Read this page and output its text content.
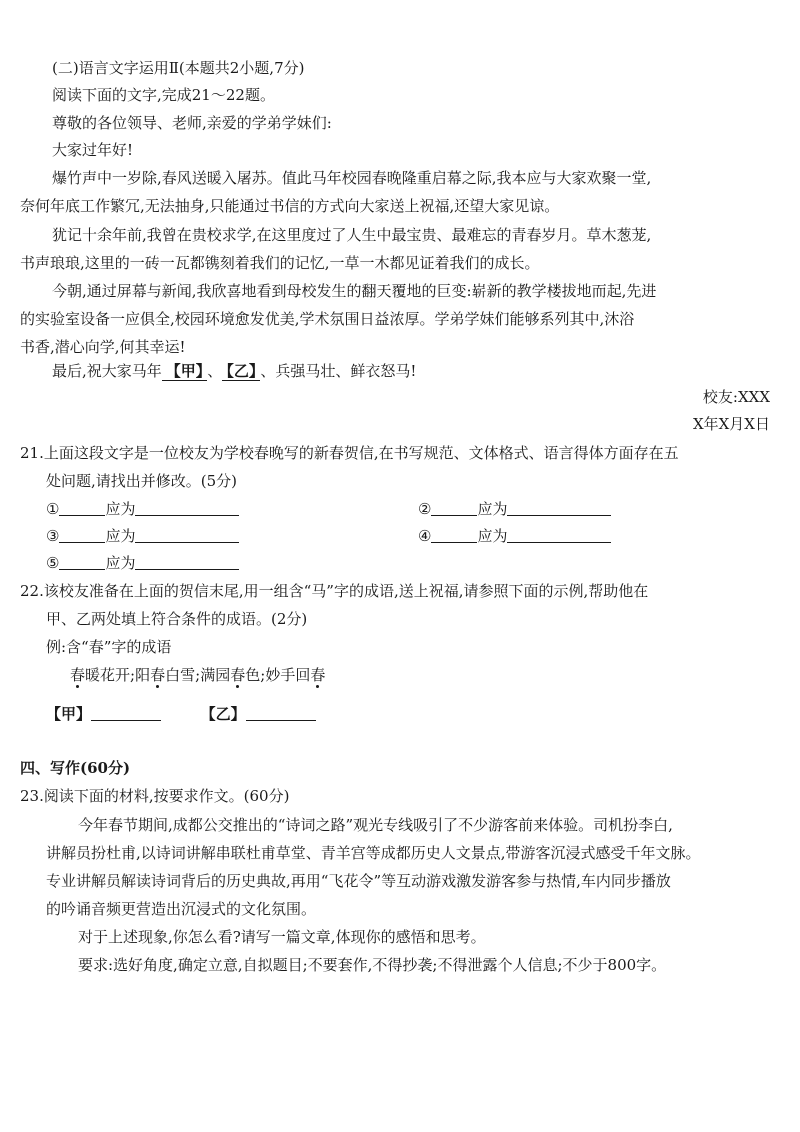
(二)语言文字运用Ⅱ(本题共2小题,7分)
阅读下面的文字,完成21～22题。
尊敬的各位领导、老师,亲爱的学弟学妹们:
大家过年好!
爆竹声中一岁除,春风送暖入屠苏。值此马年校园春晚隆重启幕之际,我本应与大家欢聚一堂,
奈何年底工作繁冗,无法抽身,只能通过书信的方式向大家送上祝福,还望大家见谅。
犹记十余年前,我曾在贵校求学,在这里度过了人生中最宝贵、最难忘的青春岁月。草木葱茏,
书声琅琅,这里的一砖一瓦都镌刻着我们的记忆,一草一木都见证着我们的成长。
今朝,通过屏幕与新闻,我欣喜地看到母校发生的翻天覆地的巨变:崭新的教学楼拔地而起,先进
的实验室设备一应俱全,校园环境愈发优美,学术氛围日益浓厚。学弟学妹们能够系列其中,沐浴
书香,潜心向学,何其幸运!
最后,祝大家马年 【甲】 、 【乙】 、兵强马壮、鲜衣怒马!
校友:XXX
X年X月X日
21.上面这段文字是一位校友为学校春晚写的新春贺信,在书写规范、文体格式、语言得体方面存在五
处问题,请找出并修改。(5分)
①	应为	②	应为
③	应为	④	应为
⑤	应为
22.该校友准备在上面的贺信末尾,用一组含“马”字的成语,送上祝福,请参照下面的示例,帮助他在
甲、乙两处填上符合条件的成语。(2分)
例:含“春”字的成语
春暖花开;阳春白雪;满园春色;妙手回春
【甲】	【乙】
四、写作(60分)
23.阅读下面的材料,按要求作文。(60分)
今年春节期间,成都公交推出的“诗词之路”观光专线吸引了不少游客前来体验。司机扮李白,
讲解员扮杜甫,以诗词讲解串联杜甫草堂、青羊宫等成都历史人文景点,带游客沉浸式感受千年文脉。
专业讲解员解读诗词背后的历史典故,再用“飞花令”等互动游戏激发游客参与热情,车内同步播放
的吟诵音频更营造出沉浸式的文化氛围。
对于上述现象,你怎么看?请写一篇文章,体现你的感悟和思考。
要求:选好角度,确定立意,自拟题目;不要套作,不得抄袭;不得泄露个人信息;不少于800字。
